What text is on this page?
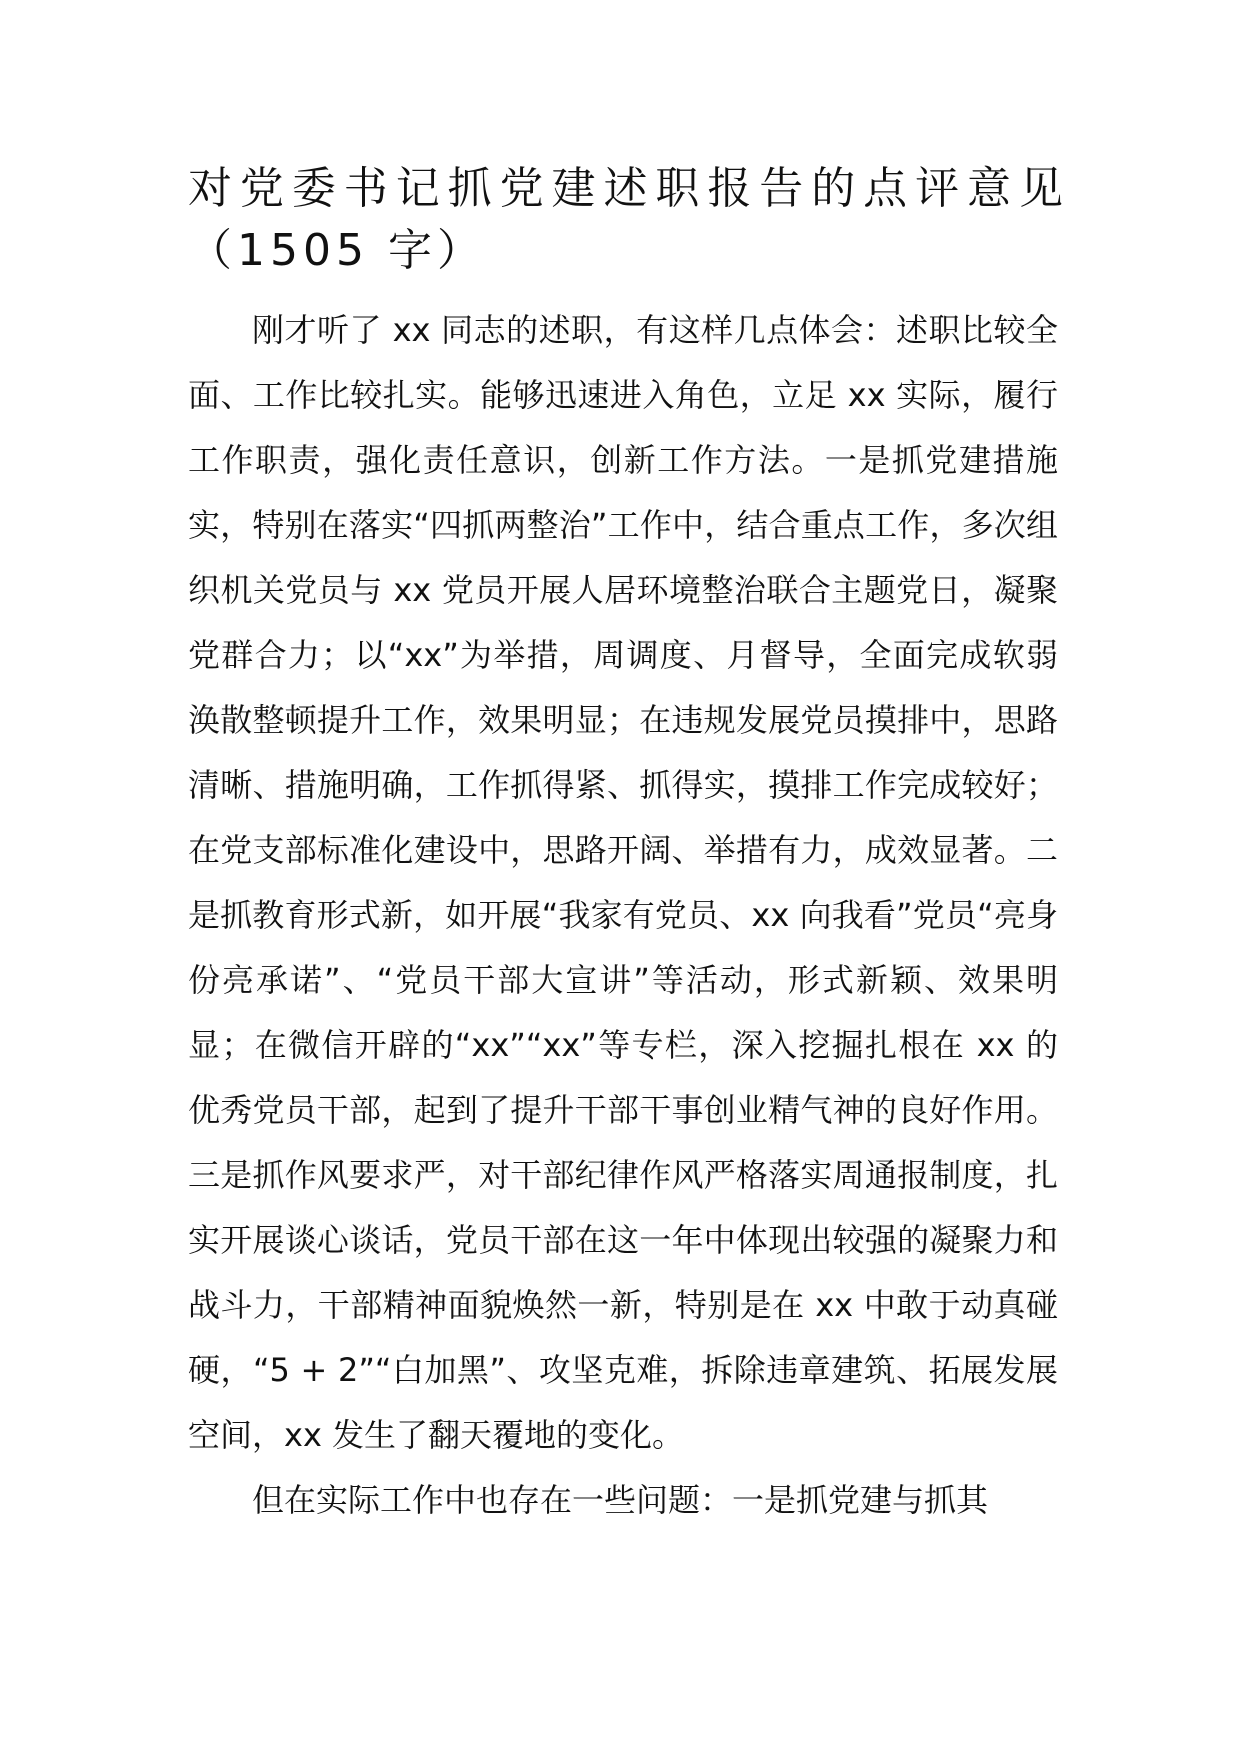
对党委书记抓党建述职报告的点评意见（1505 字）

刚才听了 xx 同志的述职，有这样几点体会：述职比较全面、工作比较扎实。能够迅速进入角色，立足 xx 实际，履行工作职责，强化责任意识，创新工作方法。一是抓党建措施实，特别在落实“四抓两整治”工作中，结合重点工作，多次组织机关党员与 xx 党员开展人居环境整治联合主题党日，凝聚党群合力；以“xx”为举措，周调度、月督导，全面完成软弱涣散整顿提升工作，效果明显；在违规发展党员摸排中，思路清晰、措施明确，工作抓得紧、抓得实，摸排工作完成较好；在党支部标准化建设中，思路开阔、举措有力，成效显著。二是抓教育形式新，如开展“我家有党员、xx 向我看”党员“亮身份亮承诺”、“党员干部大宣讲”等活动，形式新颖、效果明显；在微信开辟的“xx”“xx”等专栏，深入挖掘扎根在 xx 的优秀党员干部，起到了提升干部干事创业精气神的良好作用。三是抓作风要求严，对干部纪律作风严格落实周通报制度，扎实开展谈心谈话，党员干部在这一年中体现出较强的凝聚力和战斗力，干部精神面貌焕然一新，特别是在 xx 中敢于动真碰硬，“5 + 2”“白加黑”、攻坚克难，拆除违章建筑、拓展发展空间，xx 发生了翻天覆地的变化。

但在实际工作中也存在一些问题：一是抓党建与抓其
